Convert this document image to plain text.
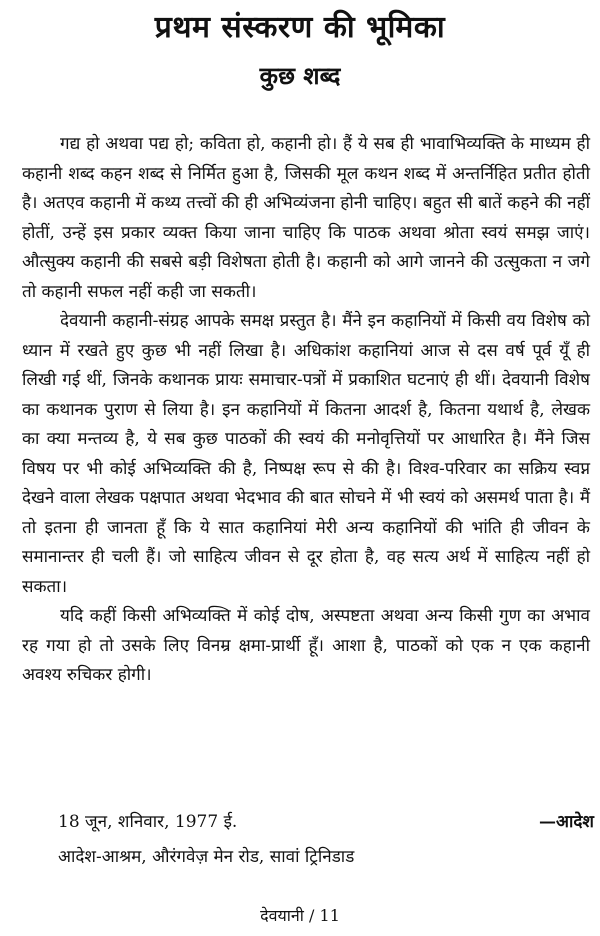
प्रथम संस्करण की भूमिका
कुछ शब्द

गद्य हो अथवा पद्य हो; कविता हो, कहानी हो। हैं ये सब ही भावाभिव्यक्ति के माध्यम ही कहानी शब्द कहन शब्द से निर्मित हुआ है, जिसकी मूल कथन शब्द में अन्तर्निहित प्रतीत होती है। अतएव कहानी में कथ्य तत्त्वों की ही अभिव्यंजना होनी चाहिए। बहुत सी बातें कहने की नहीं होतीं, उन्हें इस प्रकार व्यक्त किया जाना चाहिए कि पाठक अथवा श्रोता स्वयं समझ जाएं। औत्सुक्य कहानी की सबसे बड़ी विशेषता होती है। कहानी को आगे जानने की उत्सुकता न जगे तो कहानी सफल नहीं कही जा सकती।

देवयानी कहानी-संग्रह आपके समक्ष प्रस्तुत है। मैंने इन कहानियों में किसी वय विशेष को ध्यान में रखते हुए कुछ भी नहीं लिखा है। अधिकांश कहानियां आज से दस वर्ष पूर्व यूँ ही लिखी गई थीं, जिनके कथानक प्रायः समाचार-पत्रों में प्रकाशित घटनाएं ही थीं। देवयानी विशेष का कथानक पुराण से लिया है। इन कहानियों में कितना आदर्श है, कितना यथार्थ है, लेखक का क्या मन्तव्य है, ये सब कुछ पाठकों की स्वयं की मनोवृत्तियों पर आधारित है। मैंने जिस विषय पर भी कोई अभिव्यक्ति की है, निष्पक्ष रूप से की है। विश्व-परिवार का सक्रिय स्वप्न देखने वाला लेखक पक्षपात अथवा भेदभाव की बात सोचने में भी स्वयं को असमर्थ पाता है। मैं तो इतना ही जानता हूँ कि ये सात कहानियां मेरी अन्य कहानियों की भांति ही जीवन के समानान्तर ही चली हैं। जो साहित्य जीवन से दूर होता है, वह सत्य अर्थ में साहित्य नहीं हो सकता।

यदि कहीं किसी अभिव्यक्ति में कोई दोष, अस्पष्टता अथवा अन्य किसी गुण का अभाव रह गया हो तो उसके लिए विनम्र क्षमा-प्रार्थी हूँ। आशा है, पाठकों को एक न एक कहानी अवश्य रुचिकर होगी।

18 जून, शनिवार, 1977 ई.	—आदेश
आदेश-आश्रम, औरंगवेज़ मेन रोड, सावां ट्रिनिडाड
देवयानी / 11
